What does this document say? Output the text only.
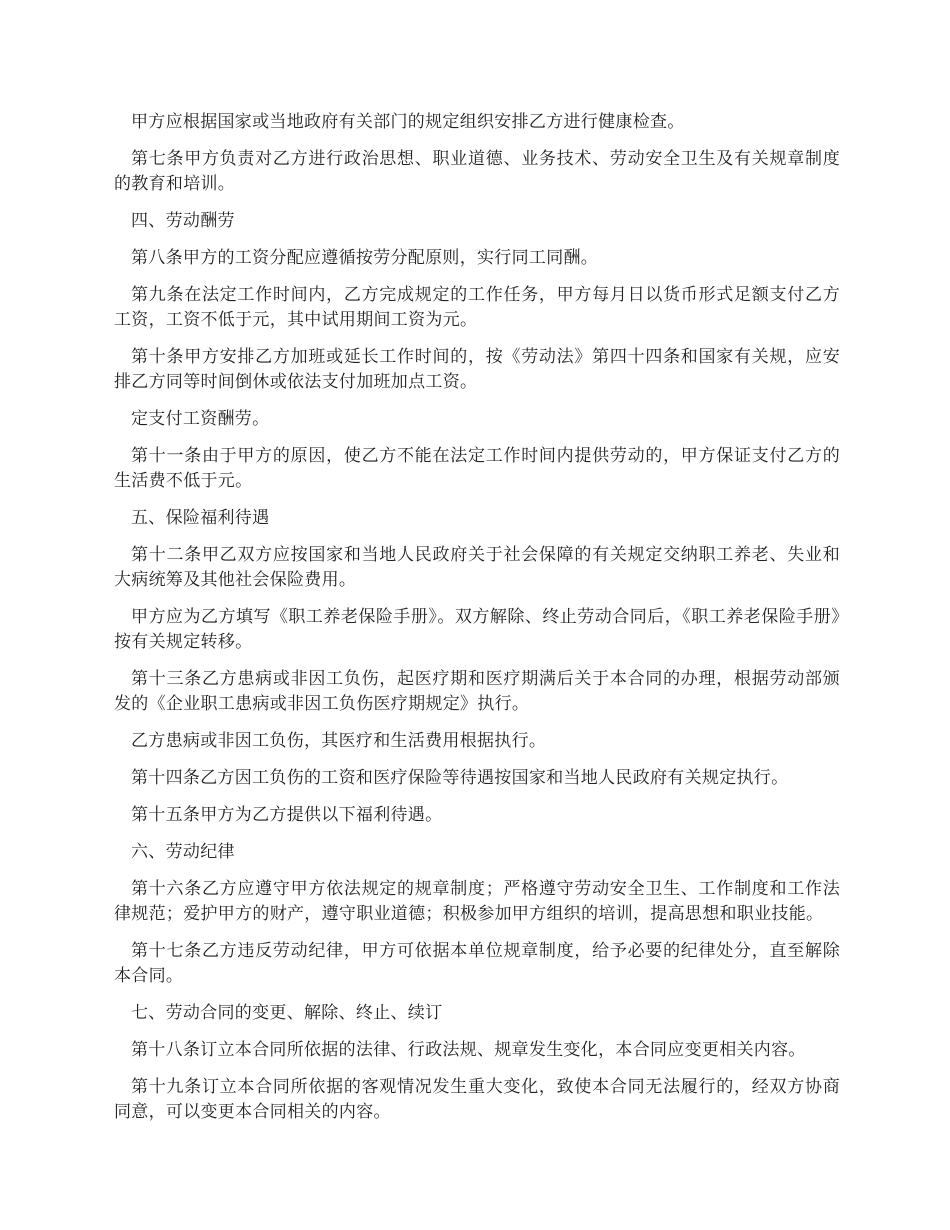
甲方应根据国家或当地政府有关部门的规定组织安排乙方进行健康检查。

第七条甲方负责对乙方进行政治思想、职业道德、业务技术、劳动安全卫生及有关规章制度的教育和培训。

四、劳动酬劳

第八条甲方的工资分配应遵循按劳分配原则，实行同工同酬。

第九条在法定工作时间内，乙方完成规定的工作任务，甲方每月日以货币形式足额支付乙方工资，工资不低于元，其中试用期间工资为元。

第十条甲方安排乙方加班或延长工作时间的，按《劳动法》第四十四条和国家有关规，应安排乙方同等时间倒休或依法支付加班加点工资。

定支付工资酬劳。

第十一条由于甲方的原因，使乙方不能在法定工作时间内提供劳动的，甲方保证支付乙方的生活费不低于元。

五、保险福利待遇

第十二条甲乙双方应按国家和当地人民政府关于社会保障的有关规定交纳职工养老、失业和大病统筹及其他社会保险费用。

甲方应为乙方填写《职工养老保险手册》。双方解除、终止劳动合同后，《职工养老保险手册》按有关规定转移。

第十三条乙方患病或非因工负伤，起医疗期和医疗期满后关于本合同的办理，根据劳动部颁发的《企业职工患病或非因工负伤医疗期规定》执行。

乙方患病或非因工负伤，其医疗和生活费用根据执行。

第十四条乙方因工负伤的工资和医疗保险等待遇按国家和当地人民政府有关规定执行。

第十五条甲方为乙方提供以下福利待遇。

六、劳动纪律

第十六条乙方应遵守甲方依法规定的规章制度；严格遵守劳动安全卫生、工作制度和工作法律规范；爱护甲方的财产，遵守职业道德；积极参加甲方组织的培训，提高思想和职业技能。

第十七条乙方违反劳动纪律，甲方可依据本单位规章制度，给予必要的纪律处分，直至解除本合同。

七、劳动合同的变更、解除、终止、续订

第十八条订立本合同所依据的法律、行政法规、规章发生变化，本合同应变更相关内容。

第十九条订立本合同所依据的客观情况发生重大变化，致使本合同无法履行的，经双方协商同意，可以变更本合同相关的内容。
